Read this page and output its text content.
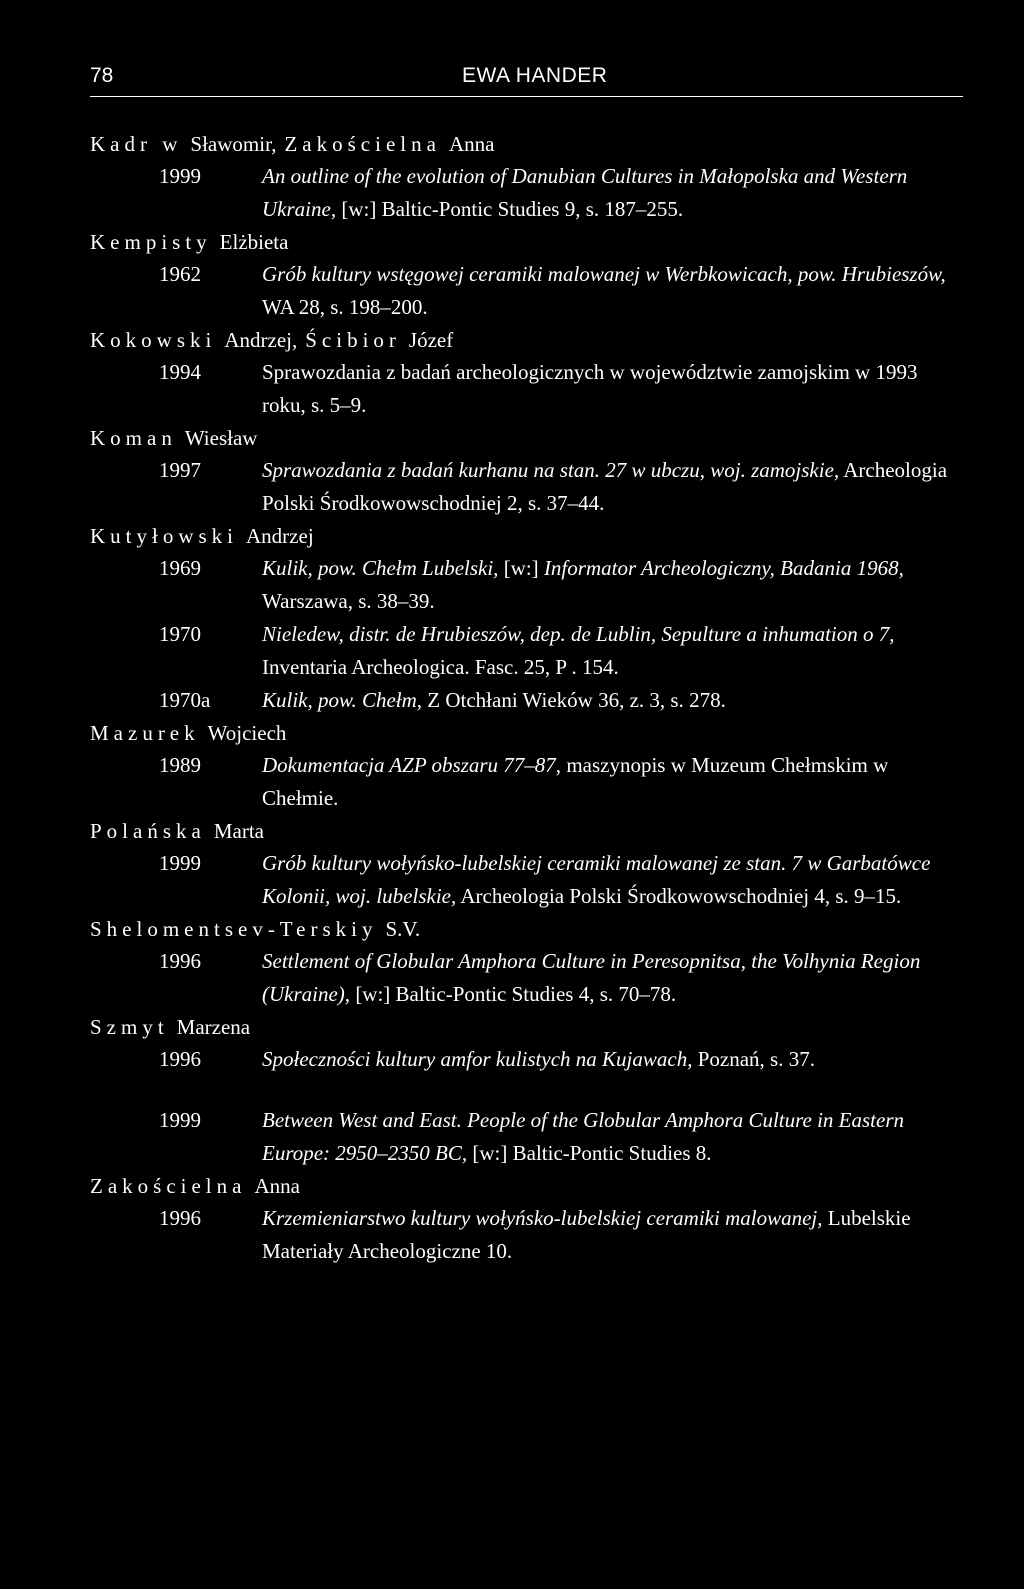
78	EWA HANDER
Kadr w Sławomir, Zakościelna Anna
1999	An outline of the evolution of Danubian Cultures in Małopolska and Western Ukraine, [w:] Baltic-Pontic Studies 9, s. 187–255.
Kempisty Elżbieta
1962	Grób kultury wstęgowej ceramiki malowanej w Werbkowicach, pow. Hrubieszów, WA 28, s. 198–200.
Kokowski Andrzej, Ścibior Józef
1994	Sprawozdania z badań archeologicznych w województwie zamojskim w 1993 roku, s. 5–9.
Koman Wiesław
1997	Sprawozdania z badań kurhanu na stan. 27 w ubczu, woj. zamojskie, Archeologia Polski Środkowowschodniej 2, s. 37–44.
Kutyłowski Andrzej
1969	Kulik, pow. Chełm Lubelski, [w:] Informator Archeologiczny, Badania 1968, Warszawa, s. 38–39.
1970	Nieledew, distr. de Hrubieszów, dep. de Lublin, Sepulture a inhumation o 7, Inventaria Archeologica. Fasc. 25, P . 154.
1970a	Kulik, pow. Chełm, Z Otchłani Wieków 36, z. 3, s. 278.
Mazurek Wojciech
1989	Dokumentacja AZP obszaru 77–87, maszynopis w Muzeum Chełmskim w Chełmie.
Polańska Marta
1999	Grób kultury wołyńsko-lubelskiej ceramiki malowanej ze stan. 7 w Garbatówce Kolonii, woj. lubelskie, Archeologia Polski Środkowowschodniej 4, s. 9–15.
Shelomentsev-Terskiy S.V.
1996	Settlement of Globular Amphora Culture in Peresopnitsa, the Volhynia Region (Ukraine), [w:] Baltic-Pontic Studies 4, s. 70–78.
Szmyt Marzena
1996	Społeczności kultury amfor kulistych na Kujawach, Poznań, s. 37.
1999	Between West and East. People of the Globular Amphora Culture in Eastern Europe: 2950–2350 BC, [w:] Baltic-Pontic Studies 8.
Zakościelna Anna
1996	Krzemieniarstwo kultury wołyńsko-lubelskiej ceramiki malowanej, Lubelskie Materiały Archeologiczne 10.
